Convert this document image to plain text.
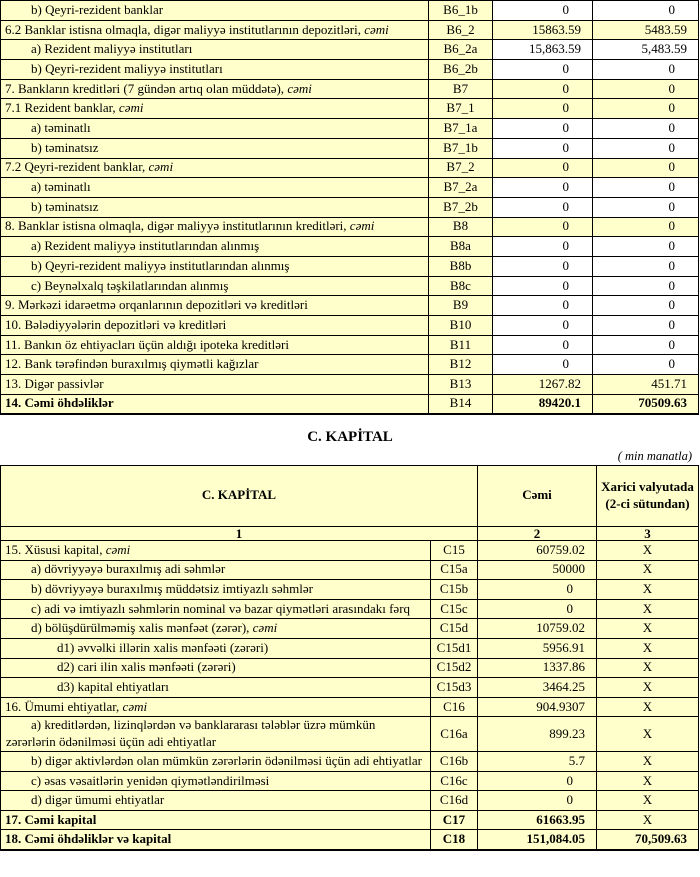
b) Qeyri-rezident banklar	B6_1b	0	0
6.2 Banklar istisna olmaqla, digər maliyyə institutlarının depozitləri, cəmi	B6_2	15863.59	5483.59
a) Rezident maliyyə institutları	B6_2a	15,863.59	5,483.59
b) Qeyri-rezident maliyyə institutları	B6_2b	0	0
7. Bankların kreditləri (7 gündən artıq olan müddətə), cəmi	B7	0	0
7.1 Rezident banklar, cəmi	B7_1	0	0
a) təminatlı	B7_1a	0	0
b) təminatsız	B7_1b	0	0
7.2 Qeyri-rezident banklar, cəmi	B7_2	0	0
a) təminatlı	B7_2a	0	0
b) təminatsız	B7_2b	0	0
8. Banklar istisna olmaqla, digər maliyyə institutlarının kreditləri, cəmi	B8	0	0
a) Rezident maliyyə institutlarından alınmış	B8a	0	0
b) Qeyri-rezident maliyyə institutlarından alınmış	B8b	0	0
c) Beynəlxalq təşkilatlarından alınmış	B8c	0	0
9. Mərkəzi idarəetmə orqanlarının depozitləri və kreditləri	B9	0	0
10. Bələdiyyələrin depozitləri və kreditləri	B10	0	0
11. Bankın öz ehtiyacları üçün aldığı ipoteka kreditləri	B11	0	0
12. Bank tərəfindən buraxılmış qiymətli kağızlar	B12	0	0
13. Digər passivlər	B13	1267.82	451.71
14. Cəmi öhdəliklər	B14	89420.1	70509.63
C. KAPİTAL
( min manatla)
C. KAPİTAL		Cəmi	Xarici valyutada (2-ci sütundan)
1		2	3
15. Xüsusi kapital, cəmi	C15	60759.02	X
a) dövriyyəyə buraxılmış adi səhmlər	C15a	50000	X
b) dövriyyəyə buraxılmış müddətsiz imtiyazlı səhmlər	C15b	0	X
c) adi və imtiyazlı səhmlərin nominal və bazar qiymətləri arasındakı fərq	C15c	0	X
d) bölüşdürülməmiş xalis mənfəət (zərər), cəmi	C15d	10759.02	X
d1) əvvəlki illərin xalis mənfəəti (zərəri)	C15d1	5956.91	X
d2) cari ilin xalis mənfəəti (zərəri)	C15d2	1337.86	X
d3) kapital ehtiyatları	C15d3	3464.25	X
16. Ümumi ehtiyatlar, cəmi	C16	904.9307	X
a) kreditlərdən, lizinqlərdən və banklararası tələblər üzrə mümkün zərərlərin ödənilməsi üçün adi ehtiyatlar	C16a	899.23	X
b) digər aktivlərdən olan mümkün zərərlərin ödənilməsi üçün adi ehtiyatlar	C16b	5.7	X
c) əsas vəsaitlərin yenidən qiymətləndirilməsi	C16c	0	X
d) digər ümumi ehtiyatlar	C16d	0	X
17. Cəmi kapital	C17	61663.95	X
18. Cəmi öhdəliklər və kapital	C18	151,084.05	70,509.63
